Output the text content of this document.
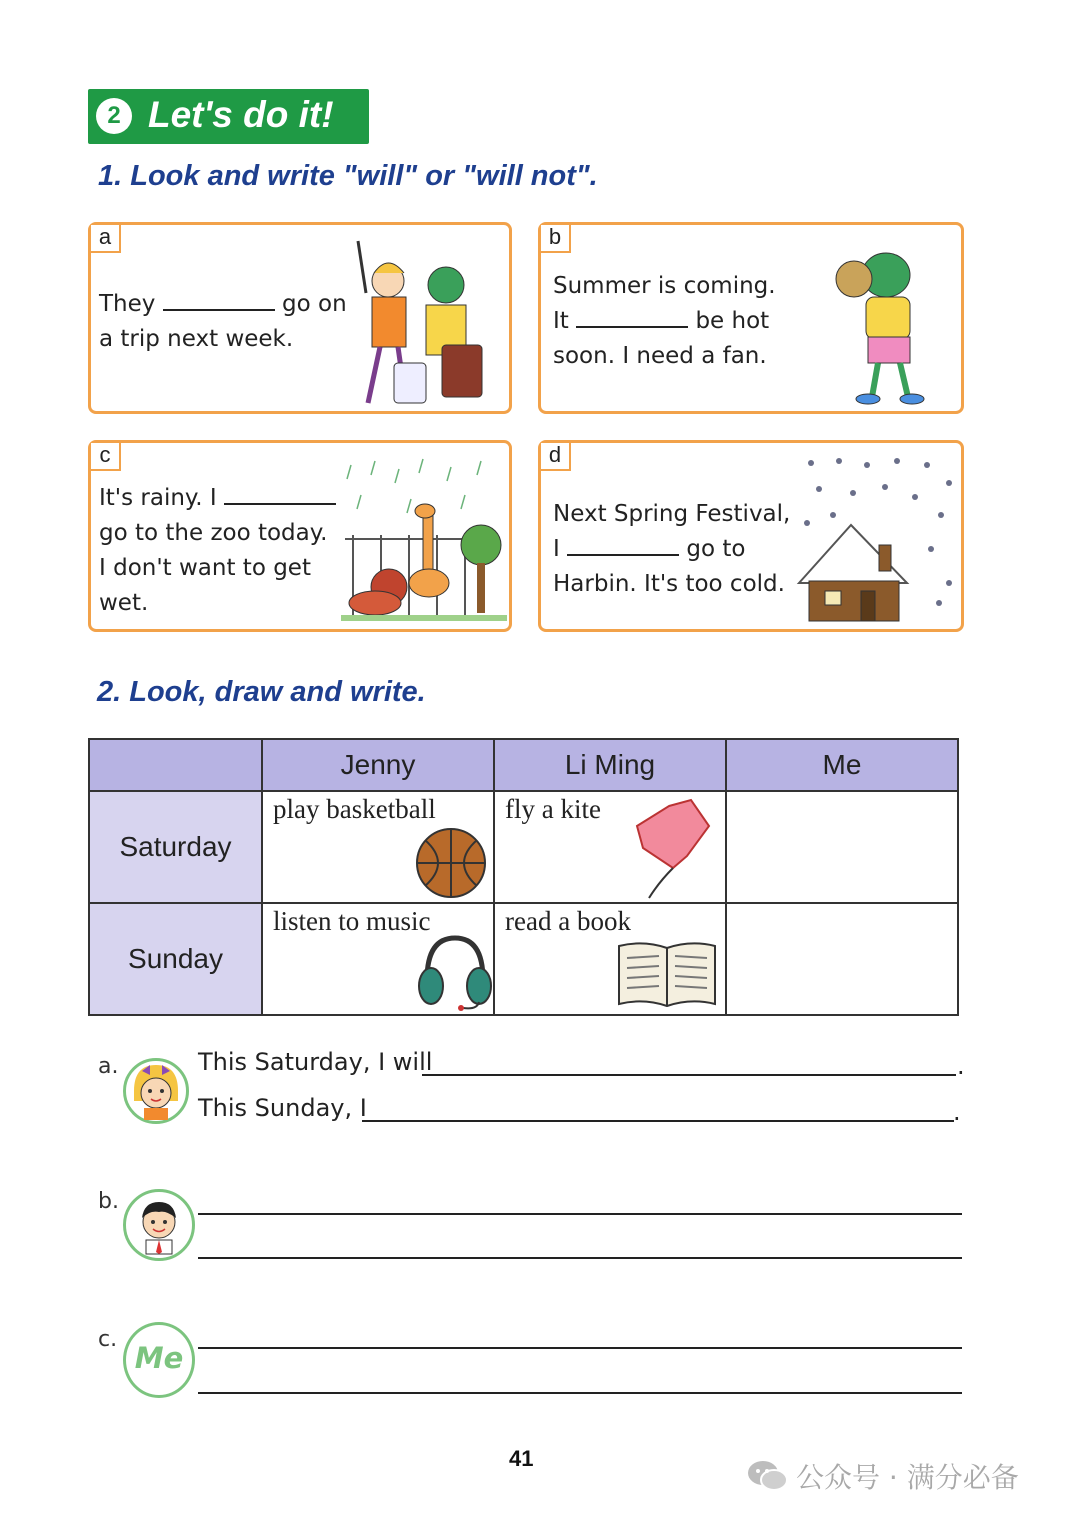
2 Let's do it!
1. Look and write "will" or "will not".
a
They	go on
a trip next week.
b
Summer is coming.
It	be hot
soon. I need a fan.
c
It's rainy. I
go to the zoo today.
I don't want to get
wet.
d
Next Spring Festival,
I	go to
Harbin. It's too cold.
2. Look, draw and write.
	Jenny	Li Ming	Me
Saturday	play basketball	fly a kite	

Sunday	listen to music	read a book	

a.	This Saturday, I will	.
This Sunday, I	.
b.
c.
Me
41
公众号 · 满分必备
